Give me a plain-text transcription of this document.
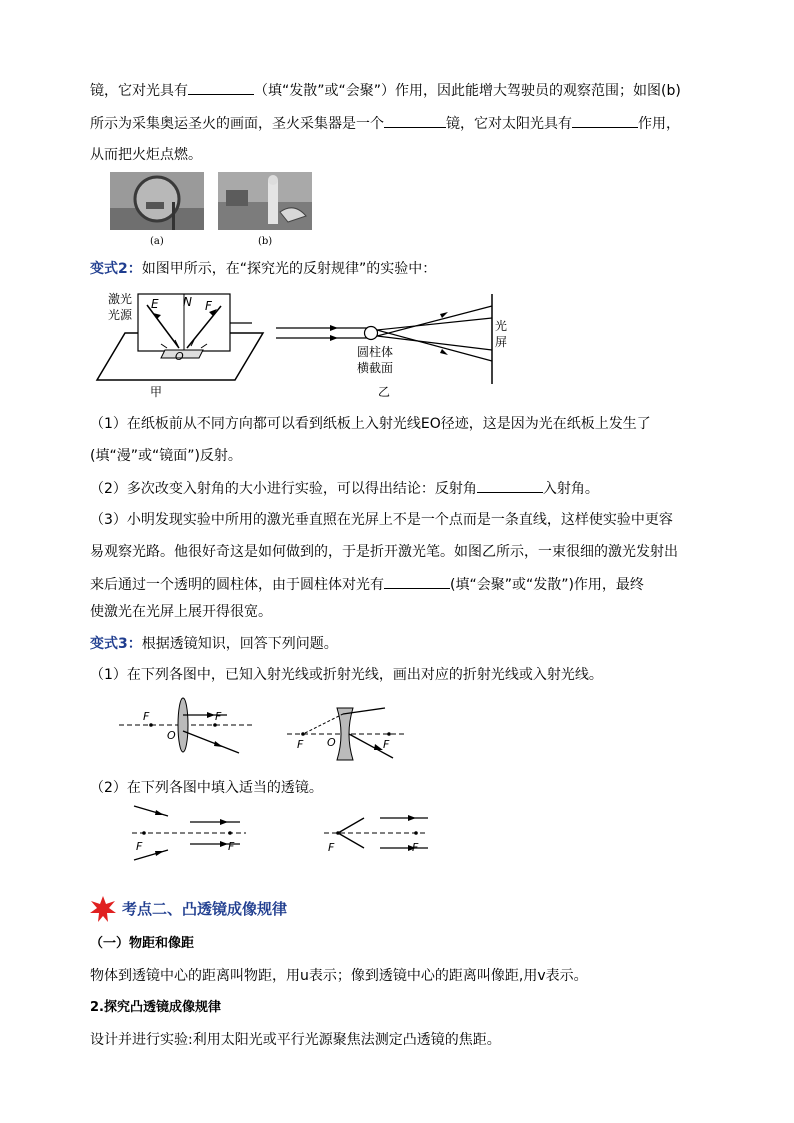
镜，它对光具有	（填“发散”或“会聚”）作用，因此能增大驾驶员的观察范围；如图(b)
所示为采集奥运圣火的画面，圣火采集器是一个	镜，它对太阳光具有	作用，
从而把火炬点燃。
(a)	(b)
变式2：如图甲所示，在“探究光的反射规律”的实验中：
激光
光源
E N F
O
甲
圆柱体
横截面
光
屏
乙
（1）在纸板前从不同方向都可以看到纸板上入射光线EO径迹，这是因为光在纸板上发生了
(填“漫”或“镜面”)反射。
（2）多次改变入射角的大小进行实验，可以得出结论：反射角	入射角。
（3）小明发现实验中所用的激光垂直照在光屏上不是一个点而是一条直线，这样使实验中更容
易观察光路。他很好奇这是如何做到的，于是折开激光笔。如图乙所示，一束很细的激光发射出
来后通过一个透明的圆柱体，由于圆柱体对光有	(填“会聚”或“发散”)作用，最终
使激光在光屏上展开得很宽。
变式3：根据透镜知识，回答下列问题。
（1）在下列各图中，已知入射光线或折射光线，画出对应的折射光线或入射光线。
F	F
O
F	F
O
（2）在下列各图中填入适当的透镜。
F	F	F	F
考点二、凸透镜成像规律
（一）物距和像距
物体到透镜中心的距离叫物距，用u表示；像到透镜中心的距离叫像距,用v表示。
2.探究凸透镜成像规律
设计并进行实验:利用太阳光或平行光源聚焦法测定凸透镜的焦距。
